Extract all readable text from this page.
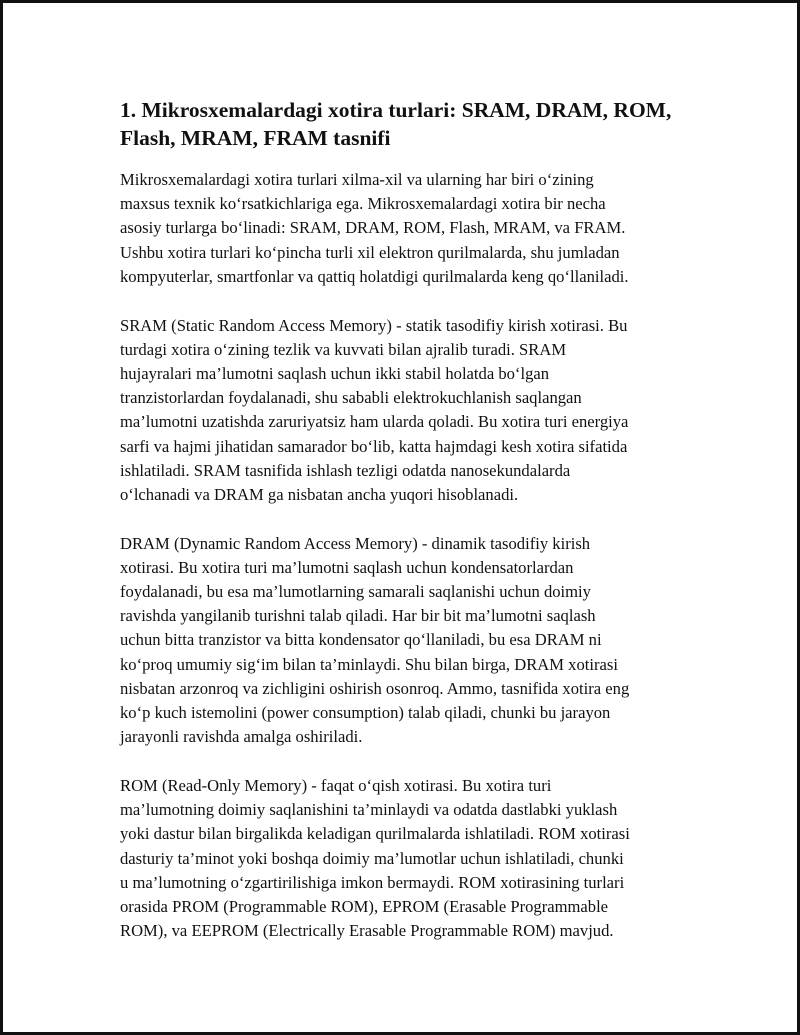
1. Mikrosxemalardagi xotira turlari: SRAM, DRAM, ROM,
Flash, MRAM, FRAM tasnifi

Mikrosxemalardagi xotira turlari xilma-xil va ularning har biri o‘zining
maxsus texnik ko‘rsatkichlariga ega. Mikrosxemalardagi xotira bir necha
asosiy turlarga bo‘linadi: SRAM, DRAM, ROM, Flash, MRAM, va FRAM.
Ushbu xotira turlari ko‘pincha turli xil elektron qurilmalarda, shu jumladan
kompyuterlar, smartfonlar va qattiq holatdigi qurilmalarda keng qo‘llaniladi.

SRAM (Static Random Access Memory) - statik tasodifiy kirish xotirasi. Bu
turdagi xotira o‘zining tezlik va kuvvati bilan ajralib turadi. SRAM
hujayralari ma’lumotni saqlash uchun ikki stabil holatda bo‘lgan
tranzistorlardan foydalanadi, shu sababli elektrokuchlanish saqlangan
ma’lumotni uzatishda zaruriyatsiz ham ularda qoladi. Bu xotira turi energiya
sarfi va hajmi jihatidan samarador bo‘lib, katta hajmdagi kesh xotira sifatida
ishlatiladi. SRAM tasnifida ishlash tezligi odatda nanosekundalarda
o‘lchanadi va DRAM ga nisbatan ancha yuqori hisoblanadi.

DRAM (Dynamic Random Access Memory) - dinamik tasodifiy kirish
xotirasi. Bu xotira turi ma’lumotni saqlash uchun kondensatorlardan
foydalanadi, bu esa ma’lumotlarning samarali saqlanishi uchun doimiy
ravishda yangilanib turishni talab qiladi. Har bir bit ma’lumotni saqlash
uchun bitta tranzistor va bitta kondensator qo‘llaniladi, bu esa DRAM ni
ko‘proq umumiy sig‘im bilan ta’minlaydi. Shu bilan birga, DRAM xotirasi
nisbatan arzonroq va zichligini oshirish osonroq. Ammo, tasnifida xotira eng
ko‘p kuch istemolini (power consumption) talab qiladi, chunki bu jarayon
jarayonli ravishda amalga oshiriladi.

ROM (Read-Only Memory) - faqat o‘qish xotirasi. Bu xotira turi
ma’lumotning doimiy saqlanishini ta’minlaydi va odatda dastlabki yuklash
yoki dastur bilan birgalikda keladigan qurilmalarda ishlatiladi. ROM xotirasi
dasturiy ta’minot yoki boshqa doimiy ma’lumotlar uchun ishlatiladi, chunki
u ma’lumotning o‘zgartirilishiga imkon bermaydi. ROM xotirasining turlari
orasida PROM (Programmable ROM), EPROM (Erasable Programmable
ROM), va EEPROM (Electrically Erasable Programmable ROM) mavjud.
